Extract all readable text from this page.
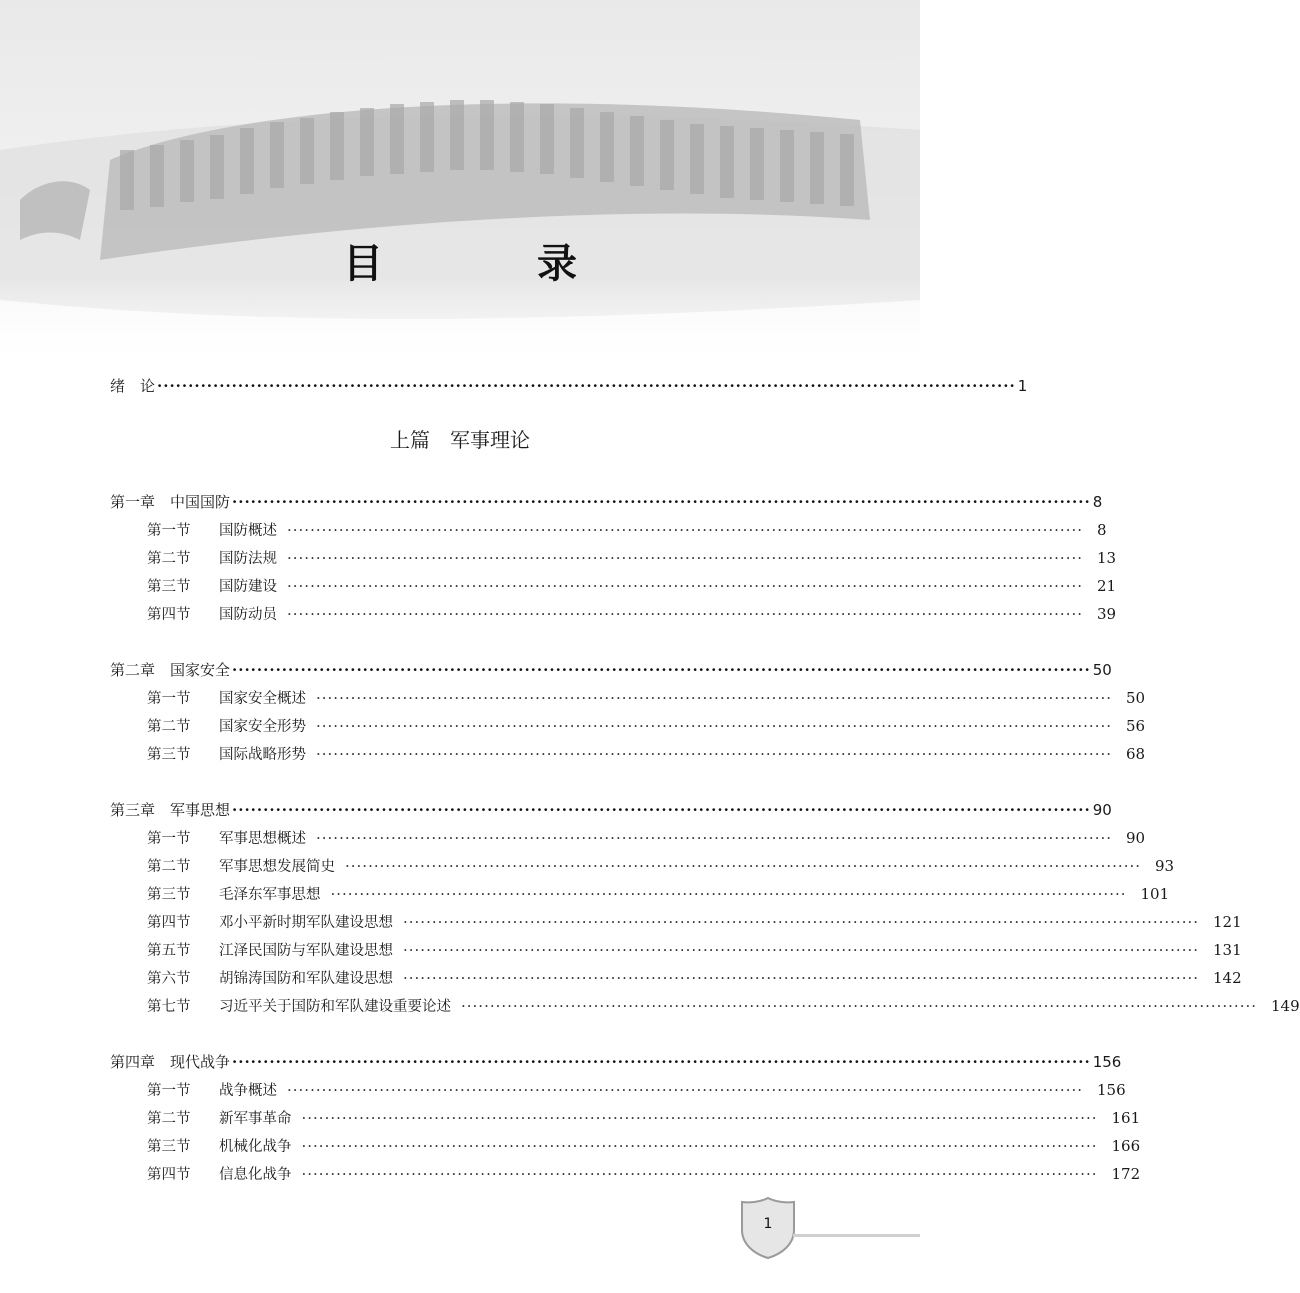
目 录
绪　论 ·········································································································································· 1
上篇　军事理论
第一章　中国国防 ·········································································································································· 8
第一节 国防概述 ·········································································································································· 8
第二节 国防法规 ·········································································································································· 13
第三节 国防建设 ·········································································································································· 21
第四节 国防动员 ·········································································································································· 39
第二章　国家安全 ·········································································································································· 50
第一节 国家安全概述 ·········································································································································· 50
第二节 国家安全形势 ·········································································································································· 56
第三节 国际战略形势 ·········································································································································· 68
第三章　军事思想 ·········································································································································· 90
第一节 军事思想概述 ·········································································································································· 90
第二节 军事思想发展简史 ·········································································································································· 93
第三节 毛泽东军事思想 ·········································································································································· 101
第四节 邓小平新时期军队建设思想 ·········································································································································· 121
第五节 江泽民国防与军队建设思想 ·········································································································································· 131
第六节 胡锦涛国防和军队建设思想 ·········································································································································· 142
第七节 习近平关于国防和军队建设重要论述 ·········································································································································· 149
第四章　现代战争 ·········································································································································· 156
第一节 战争概述 ·········································································································································· 156
第二节 新军事革命 ·········································································································································· 161
第三节 机械化战争 ·········································································································································· 166
第四节 信息化战争 ·········································································································································· 172
1
